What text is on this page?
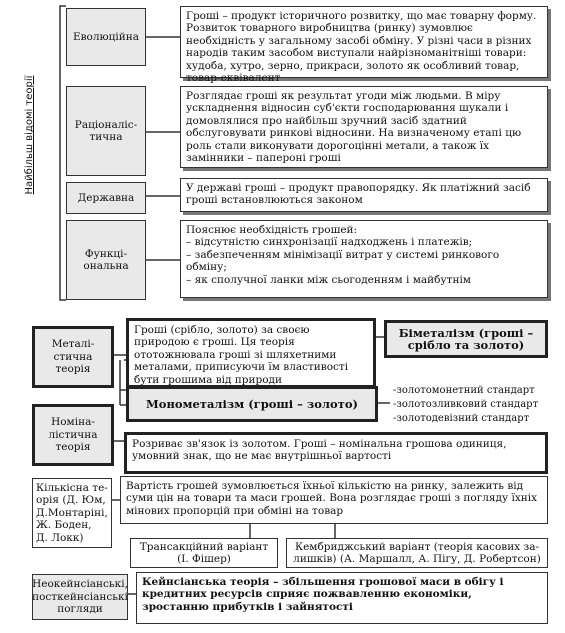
Найбільш відомі теорії
Еволюційна
Гроші – продукт історичного розвитку, що має товарну форму. Розвиток товарного виробництва (ринку) зумовлює необхідність у загальному засобі обміну. У різні часи в різних народів таким засобом виступали найрізноманітніші товари: худоба, хутро, зерно, прикраси, золото як особливий товар, товар-еквівалент
Раціоналіс-
тична
Розглядає гроші як результат угоди між людьми. В міру ускладнення відносин суб'єкти господарювання шукали і домовлялися про найбільш зручний засіб здатний обслуговувати ринкові відносини. На визначеному етапі цю роль стали виконувати дорогоцінні метали, а також їх замінники – папероні гроші
Державна
У державі гроші – продукт правопорядку. Як платіжний засіб гроші встановлюються законом
Функці-
ональна
Пояснює необхідність грошей:
– відсутністю синхронізації надходжень і платежів;
– забезпеченням мінімізації витрат у системі ринкового обміну;
– як сполучної ланки між сьогоденням і майбутнім
Металі-
стична
теорія
Гроші (срібло, золото) за своєю природою є гроші. Ця теорія ототожнювала гроші зі шляхетними металами, приписуючи їм властивості бути грошима від природи
Біметалізм (гроші – срібло та золото)
Монометалізм (гроші – золото)
-золотомонетний стандарт
-золотозливковий стандарт
-золотодевізний стандарт
Номіна-
лістична
теорія	Розриває зв'язок із золотом. Гроші – номінальна грошова одиниця, умовний знак, що не має внутрішньої вартості
Кількісна те-
орія (Д. Юм,
Д.Монтаріні,
Ж. Боден,
Д. Локк)
Вартість грошей зумовлюється їхньої кількістю на ринку, залежить від суми цін на товари та маси грошей. Вона розглядає гроші з погляду їхніх мінових пропорцій при обміні на товар
Трансакційний варіант
(І. Фішер)
Кембриджський варіант (теорія касових за-
лишків) (А. Маршалл, А. Пігу, Д. Робертсон)
Неокейнсіанські,
посткейнсіанські
погляди
Кейнсіанська теорія – збільшення грошової маси в обігу і кредитних ресурсів сприяє пожвавленню економіки, зростанню прибутків і зайнятості
